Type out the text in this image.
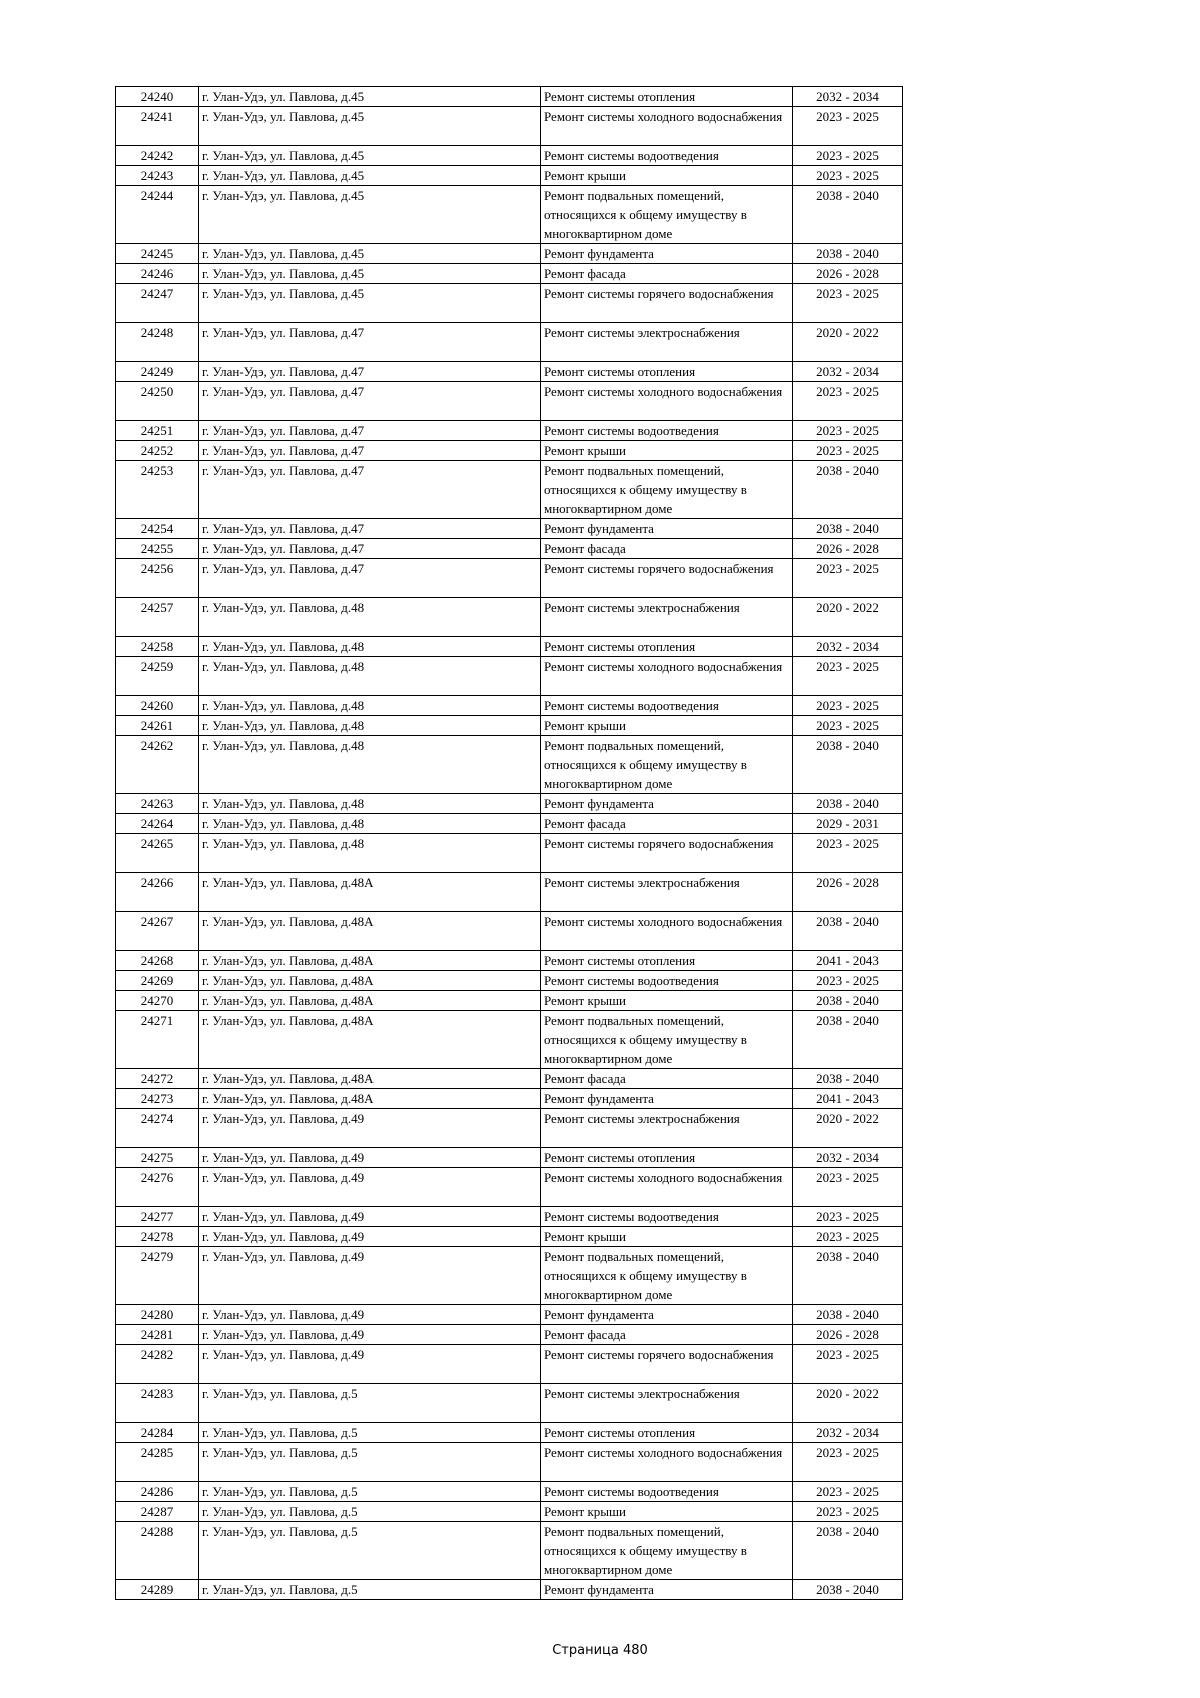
24240	г. Улан-Удэ, ул. Павлова, д.45	Ремонт системы отопления	2032 - 2034
24241	г. Улан-Удэ, ул. Павлова, д.45	Ремонт системы холодного водоснабжения	2023 - 2025
24242	г. Улан-Удэ, ул. Павлова, д.45	Ремонт системы водоотведения	2023 - 2025
24243	г. Улан-Удэ, ул. Павлова, д.45	Ремонт крыши	2023 - 2025
24244	г. Улан-Удэ, ул. Павлова, д.45	Ремонт подвальных помещений, относящихся к общему имуществу в многоквартирном доме	2038 - 2040
24245	г. Улан-Удэ, ул. Павлова, д.45	Ремонт фундамента	2038 - 2040
24246	г. Улан-Удэ, ул. Павлова, д.45	Ремонт фасада	2026 - 2028
24247	г. Улан-Удэ, ул. Павлова, д.45	Ремонт системы горячего водоснабжения	2023 - 2025
24248	г. Улан-Удэ, ул. Павлова, д.47	Ремонт системы электроснабжения	2020 - 2022
24249	г. Улан-Удэ, ул. Павлова, д.47	Ремонт системы отопления	2032 - 2034
24250	г. Улан-Удэ, ул. Павлова, д.47	Ремонт системы холодного водоснабжения	2023 - 2025
24251	г. Улан-Удэ, ул. Павлова, д.47	Ремонт системы водоотведения	2023 - 2025
24252	г. Улан-Удэ, ул. Павлова, д.47	Ремонт крыши	2023 - 2025
24253	г. Улан-Удэ, ул. Павлова, д.47	Ремонт подвальных помещений, относящихся к общему имуществу в многоквартирном доме	2038 - 2040
24254	г. Улан-Удэ, ул. Павлова, д.47	Ремонт фундамента	2038 - 2040
24255	г. Улан-Удэ, ул. Павлова, д.47	Ремонт фасада	2026 - 2028
24256	г. Улан-Удэ, ул. Павлова, д.47	Ремонт системы горячего водоснабжения	2023 - 2025
24257	г. Улан-Удэ, ул. Павлова, д.48	Ремонт системы электроснабжения	2020 - 2022
24258	г. Улан-Удэ, ул. Павлова, д.48	Ремонт системы отопления	2032 - 2034
24259	г. Улан-Удэ, ул. Павлова, д.48	Ремонт системы холодного водоснабжения	2023 - 2025
24260	г. Улан-Удэ, ул. Павлова, д.48	Ремонт системы водоотведения	2023 - 2025
24261	г. Улан-Удэ, ул. Павлова, д.48	Ремонт крыши	2023 - 2025
24262	г. Улан-Удэ, ул. Павлова, д.48	Ремонт подвальных помещений, относящихся к общему имуществу в многоквартирном доме	2038 - 2040
24263	г. Улан-Удэ, ул. Павлова, д.48	Ремонт фундамента	2038 - 2040
24264	г. Улан-Удэ, ул. Павлова, д.48	Ремонт фасада	2029 - 2031
24265	г. Улан-Удэ, ул. Павлова, д.48	Ремонт системы горячего водоснабжения	2023 - 2025
24266	г. Улан-Удэ, ул. Павлова, д.48А	Ремонт системы электроснабжения	2026 - 2028
24267	г. Улан-Удэ, ул. Павлова, д.48А	Ремонт системы холодного водоснабжения	2038 - 2040
24268	г. Улан-Удэ, ул. Павлова, д.48А	Ремонт системы отопления	2041 - 2043
24269	г. Улан-Удэ, ул. Павлова, д.48А	Ремонт системы водоотведения	2023 - 2025
24270	г. Улан-Удэ, ул. Павлова, д.48А	Ремонт крыши	2038 - 2040
24271	г. Улан-Удэ, ул. Павлова, д.48А	Ремонт подвальных помещений, относящихся к общему имуществу в многоквартирном доме	2038 - 2040
24272	г. Улан-Удэ, ул. Павлова, д.48А	Ремонт фасада	2038 - 2040
24273	г. Улан-Удэ, ул. Павлова, д.48А	Ремонт фундамента	2041 - 2043
24274	г. Улан-Удэ, ул. Павлова, д.49	Ремонт системы электроснабжения	2020 - 2022
24275	г. Улан-Удэ, ул. Павлова, д.49	Ремонт системы отопления	2032 - 2034
24276	г. Улан-Удэ, ул. Павлова, д.49	Ремонт системы холодного водоснабжения	2023 - 2025
24277	г. Улан-Удэ, ул. Павлова, д.49	Ремонт системы водоотведения	2023 - 2025
24278	г. Улан-Удэ, ул. Павлова, д.49	Ремонт крыши	2023 - 2025
24279	г. Улан-Удэ, ул. Павлова, д.49	Ремонт подвальных помещений, относящихся к общему имуществу в многоквартирном доме	2038 - 2040
24280	г. Улан-Удэ, ул. Павлова, д.49	Ремонт фундамента	2038 - 2040
24281	г. Улан-Удэ, ул. Павлова, д.49	Ремонт фасада	2026 - 2028
24282	г. Улан-Удэ, ул. Павлова, д.49	Ремонт системы горячего водоснабжения	2023 - 2025
24283	г. Улан-Удэ, ул. Павлова, д.5	Ремонт системы электроснабжения	2020 - 2022
24284	г. Улан-Удэ, ул. Павлова, д.5	Ремонт системы отопления	2032 - 2034
24285	г. Улан-Удэ, ул. Павлова, д.5	Ремонт системы холодного водоснабжения	2023 - 2025
24286	г. Улан-Удэ, ул. Павлова, д.5	Ремонт системы водоотведения	2023 - 2025
24287	г. Улан-Удэ, ул. Павлова, д.5	Ремонт крыши	2023 - 2025
24288	г. Улан-Удэ, ул. Павлова, д.5	Ремонт подвальных помещений, относящихся к общему имуществу в многоквартирном доме	2038 - 2040
24289	г. Улан-Удэ, ул. Павлова, д.5	Ремонт фундамента	2038 - 2040
Страница 480
